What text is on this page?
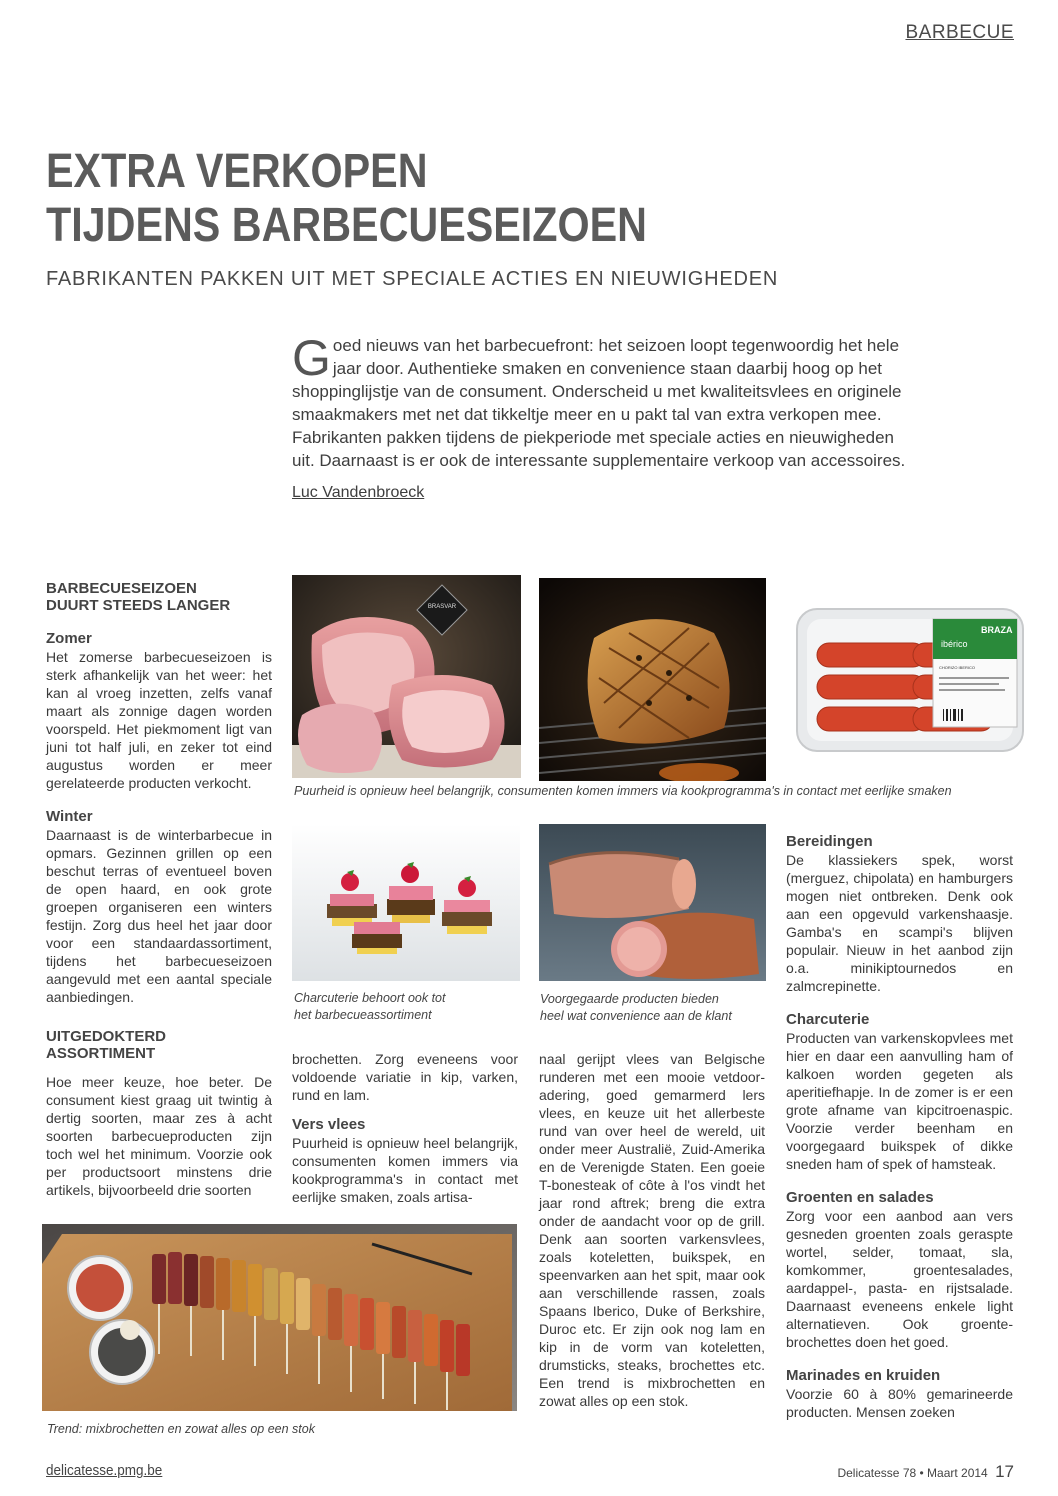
BARBECUE
EXTRA VERKOPEN
TIJDENS BARBECUESEIZOEN
FABRIKANTEN PAKKEN UIT MET SPECIALE ACTIES EN NIEUWIGHEDEN
G oed nieuws van het barbecuefront: het seizoen loopt tegenwoordig het hele jaar door. Authentieke smaken en convenience staan daarbij hoog op het shoppinglijstje van de consument. Onderscheid u met kwaliteitsvlees en originele smaakmakers met net dat tikkeltje meer en u pakt tal van extra verkopen mee. Fabrikanten pakken tijdens de piekperiode met speciale acties en nieuwigheden uit. Daarnaast is er ook de interessante supplementaire verkoop van accessoires.
Luc Vandenbroeck
BARBECUESEIZOEN
DUURT STEEDS LANGER
Zomer

Het zomerse barbecueseizoen is sterk afhankelijk van het weer: het kan al vroeg inzetten, zelfs vanaf maart als zonnige dagen worden voorspeld. Het piekmoment ligt van juni tot half juli, en zeker tot eind augustus worden er meer gerelateerde producten verkocht.

Winter

Daarnaast is de winterbarbecue in opmars. Gezinnen grillen op een beschut terras of eventueel boven de open haard, en ook grote groepen organiseren een winters festijn. Zorg dus heel het jaar door voor een standaardassortiment, tijdens het barbecueseizoen aangevuld met een aantal speciale aanbiedingen.

UITGEDOKTERD
ASSORTIMENT

Hoe meer keuze, hoe beter. De consument kiest graag uit twintig à dertig soorten, maar zes à acht soorten barbecueproducten zijn toch wel het minimum. Voorzie ook per productsoort minstens drie artikels, bijvoorbeeld drie soorten

brochetten. Zorg eveneens voor voldoende variatie in kip, varken, rund en lam.

Vers vlees

Puurheid is opnieuw heel belangrijk, consumenten komen immers via kookprogramma's in contact met eerlijke smaken, zoals artisa-

naal gerijpt vlees van Belgische runderen met een mooie vetdooradering, goed gemarmerd lers vlees, en keuze uit het allerbeste rund van over heel de wereld, uit onder meer Australië, Zuid-Amerika en de Verenigde Staten. Een goeie T-bonesteak of côte à l'os vindt het jaar rond aftrek; breng die extra onder de aandacht voor op de grill. Denk aan soorten varkensvlees, zoals koteletten, buikspek, en speenvarken aan het spit, maar ook aan verschillende rassen, zoals Spaans Iberico, Duke of Berkshire, Duroc etc. Er zijn ook nog lam en kip in de vorm van koteletten, drumsticks, steaks, brochettes etc. Een trend is mixbrochetten en zowat alles op een stok.

Bereidingen

De klassiekers spek, worst (merguez, chipolata) en hamburgers mogen niet ontbreken. Denk ook aan een opgevuld varkenshaasje. Gamba's en scampi's blijven populair. Nieuw in het aanbod zijn o.a. minikiptournedos en zalmcrepinette.

Charcuterie

Producten van varkenskopvlees met hier en daar een aanvulling ham of kalkoen worden gegeten als aperitiefhapje. In de zomer is er een grote afname van kipcitroenaspic. Voorzie verder beenham en voorgegaard buikspek of dikke sneden ham of spek of hamsteak.

Groenten en salades

Zorg voor een aanbod aan vers gesneden groenten zoals geraspte wortel, selder, tomaat, sla, komkommer, groentesalades, aardappel-, pasta- en rijstsalade. Daarnaast eveneens enkele light alternatieven. Ook groentebrochettes doen het goed.

Marinades en kruiden

Voorzie 60 à 80% gemarineerde producten. Mensen zoeken

BRASVAR
ibérico
BRAZA
CHORIZO IBERICO
Puurheid is opnieuw heel belangrijk, consumenten komen immers via kookprogramma's in contact met eerlijke smaken
Charcuterie behoort ook tot
het barbecueassortiment
Voorgegaarde producten bieden
heel wat convenience aan de klant
Trend: mixbrochetten en zowat alles op een stok
delicatesse.pmg.be	Delicatesse 78 • Maart 2014 17
